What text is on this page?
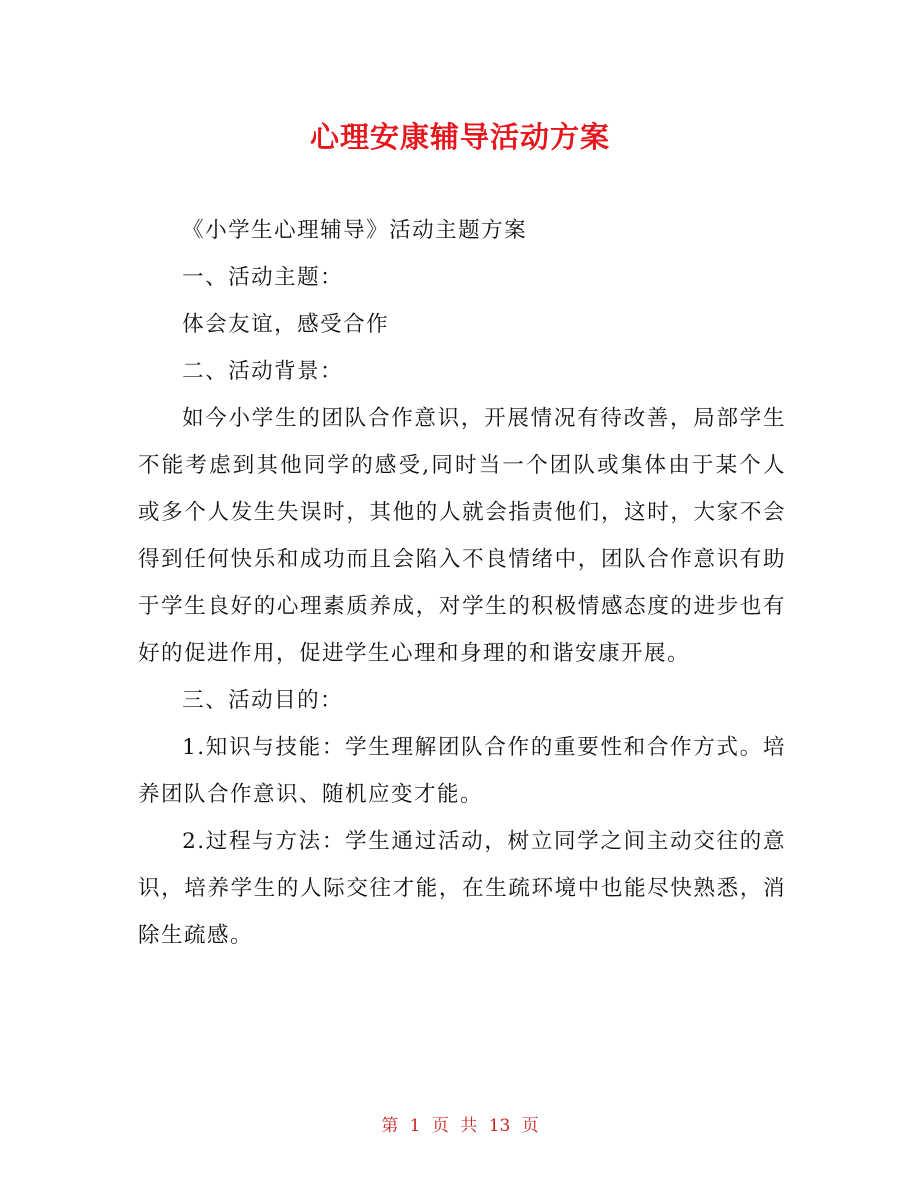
心理安康辅导活动方案

《小学生心理辅导》活动主题方案

一、活动主题：

体会友谊，感受合作

二、活动背景：

如今小学生的团队合作意识，开展情况有待改善，局部学生不能考虑到其他同学的感受,同时当一个团队或集体由于某个人或多个人发生失误时，其他的人就会指责他们，这时，大家不会得到任何快乐和成功而且会陷入不良情绪中，团队合作意识有助于学生良好的心理素质养成，对学生的积极情感态度的进步也有好的促进作用，促进学生心理和身理的和谐安康开展。

三、活动目的：

1.知识与技能：学生理解团队合作的重要性和合作方式。培养团队合作意识、随机应变才能。

2.过程与方法：学生通过活动，树立同学之间主动交往的意识，培养学生的人际交往才能，在生疏环境中也能尽快熟悉，消除生疏感。

第 1 页 共 13 页
